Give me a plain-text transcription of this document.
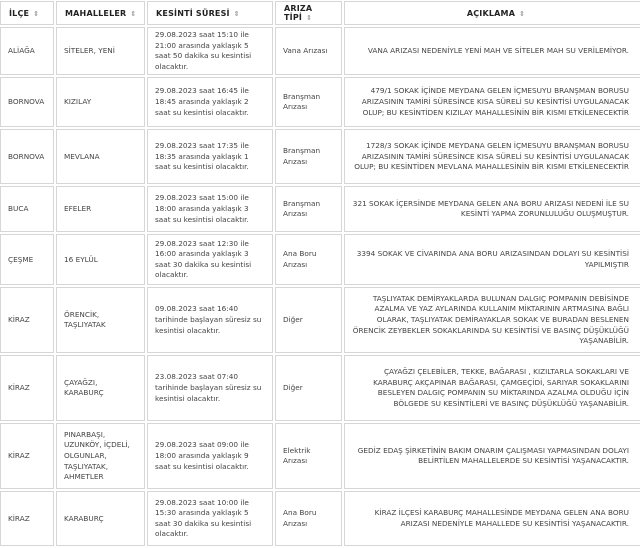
İLÇE ⇕	MAHALLELER ⇕	KESİNTİ SÜRESİ ⇕	ARIZA TİPİ ⇕	AÇIKLAMA ⇕
ALİAĞA	SİTELER, YENİ	29.08.2023 saat 15:10 ile 21:00 arasında yaklaşık 5 saat 50 dakika su kesintisi olacaktır.	Vana Arızası	VANA ARIZASI NEDENİYLE YENİ MAH VE SİTELER MAH SU VERİLEMİYOR.
BORNOVA	KIZILAY	29.08.2023 saat 16:45 ile 18:45 arasında yaklaşık 2 saat su kesintisi olacaktır.	Branşman Arızası	479/1 SOKAK İÇİNDE MEYDANA GELEN İÇMESUYU BRANŞMAN BORUSU ARIZASININ TAMİRİ SÜRESİNCE KISA SÜRELİ SU KESİNTİSİ UYGULANACAK OLUP; BU KESİNTİDEN KIZILAY MAHALLESİNİN BİR KISMI ETKİLENECEKTİR
BORNOVA	MEVLANA	29.08.2023 saat 17:35 ile 18:35 arasında yaklaşık 1 saat su kesintisi olacaktır.	Branşman Arızası	1728/3 SOKAK İÇİNDE MEYDANA GELEN İÇMESUYU BRANŞMAN BORUSU ARIZASININ TAMİRİ SÜRESİNCE KISA SÜRELİ SU KESİNTİSİ UYGULANACAK OLUP; BU KESİNTİDEN MEVLANA MAHALLESİNİN BİR KISMI ETKİLENECEKTİR
BUCA	EFELER	29.08.2023 saat 15:00 ile 18:00 arasında yaklaşık 3 saat su kesintisi olacaktır.	Branşman Arızası	321 SOKAK İÇERSİNDE MEYDANA GELEN ANA BORU ARIZASI NEDENİ İLE SU KESİNTİ YAPMA ZORUNLULUĞU OLUŞMUŞTUR.
ÇEŞME	16 EYLÜL	29.08.2023 saat 12:30 ile 16:00 arasında yaklaşık 3 saat 30 dakika su kesintisi olacaktır.	Ana Boru Arızası	3394 SOKAK VE CİVARINDA ANA BORU ARIZASINDAN DOLAYI SU KESİNTİSİ YAPILMIŞTIR
KİRAZ	ÖRENCİK, TAŞLIYATAK	09.08.2023 saat 16:40 tarihinde başlayan süresiz su kesintisi olacaktır.	Diğer	TAŞLIYATAK DEMİRYAKLARDA BULUNAN DALGIÇ POMPANIN DEBİSİNDE AZALMA VE YAZ AYLARINDA KULLANIM MİKTARININ ARTMASINA BAĞLI OLARAK, TAŞLIYATAK DEMİRAYAKLAR SOKAK VE BURADAN BESLENEN ÖRENCİK ZEYBEKLER SOKAKLARINDA SU KESİNTİSİ VE BASINÇ DÜŞÜKLÜĞÜ YAŞANABİLİR.
KİRAZ	ÇAYAĞZI, KARABURÇ	23.08.2023 saat 07:40 tarihinde başlayan süresiz su kesintisi olacaktır.	Diğer	ÇAYAĞZI ÇELEBİLER, TEKKE, BAĞARASI , KIZILTARLA SOKAKLARI VE KARABURÇ AKÇAPINAR BAĞARASI, ÇAMGEÇİDİ, SARIYAR SOKAKLARINI BESLEYEN DALGIÇ POMPANIN SU MİKTARINDA AZALMA OLDUĞU İÇİN BÖLGEDE SU KESİNTİLERİ VE BASINÇ DÜŞÜKLÜĞÜ YAŞANABİLİR.
KİRAZ	PINARBAŞI, UZUNKÖY, İÇDELİ, OLGUNLAR, TAŞLIYATAK, AHMETLER	29.08.2023 saat 09:00 ile 18:00 arasında yaklaşık 9 saat su kesintisi olacaktır.	Elektrik Arızası	GEDİZ EDAŞ ŞİRKETİNİN BAKIM ONARIM ÇALIŞMASI YAPMASINDAN DOLAYI BELİRTİLEN MAHALLELERDE SU KESİNTİSİ YAŞANACAKTIR.
KİRAZ	KARABURÇ	29.08.2023 saat 10:00 ile 15:30 arasında yaklaşık 5 saat 30 dakika su kesintisi olacaktır.	Ana Boru Arızası	KİRAZ İLÇESİ KARABURÇ MAHALLESİNDE MEYDANA GELEN ANA BORU ARIZASI NEDENİYLE MAHALLEDE SU KESİNTİSİ YAŞANACAKTIR.
